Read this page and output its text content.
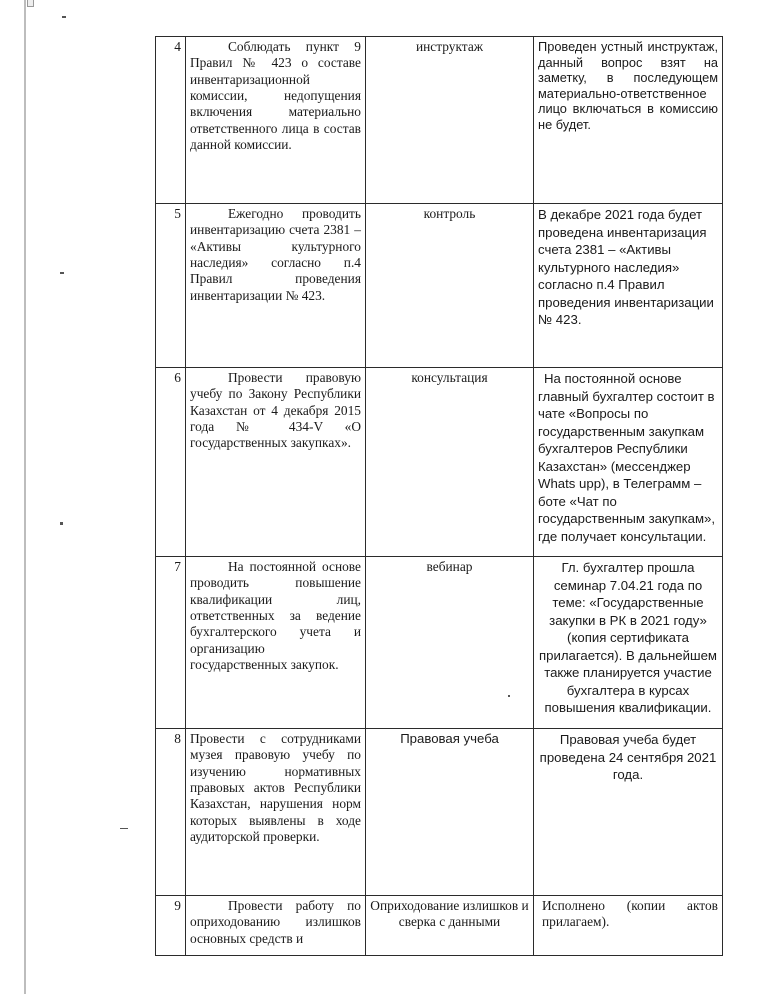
4	Соблюдать пункт 9 Правил № 423 о составе инвентаризационной комиссии, недопущения включения материально ответственного лица в состав данной комиссии.	инструктаж	Проведен устный инструктаж, данный вопрос взят на заметку, в последующем материально-ответственное лицо включаться в комиссию не будет.
5	Ежегодно проводить инвентаризацию счета 2381 – «Активы культурного наследия» согласно п.4 Правил проведения инвентаризации № 423.	контроль	В декабре 2021 года будет проведена инвентаризация счета 2381 – «Активы культурного наследия» согласно п.4 Правил проведения инвентаризации № 423.
6	Провести правовую учебу по Закону Республики Казахстан от 4 декабря 2015 года № 434-V «О государственных закупках».	консультация	На постоянной основе главный бухгалтер состоит в чате «Вопросы по государственным закупкам бухгалтеров Республики Казахстан» (мессенджер Whats upp), в Телеграмм – боте «Чат по государственным закупкам», где получает консультации.
7	На постоянной основе проводить повышение квалификации лиц, ответственных за ведение бухгалтерского учета и организацию государственных закупок.	вебинар	Гл. бухгалтер прошла семинар 7.04.21 года по теме: «Государственные закупки в РК в 2021 году» (копия сертификата прилагается). В дальнейшем также планируется участие бухгалтера в курсах повышения квалификации.
8	Провести с сотрудниками музея правовую учебу по изучению нормативных правовых актов Республики Казахстан, нарушения норм которых выявлены в ходе аудиторской проверки.	Правовая учеба	Правовая учеба будет проведена 24 сентября 2021 года.
9	Провести работу по оприходованию излишков основных средств и	Оприходование излишков и сверка с данными	Исполнено (копии актов прилагаем).
